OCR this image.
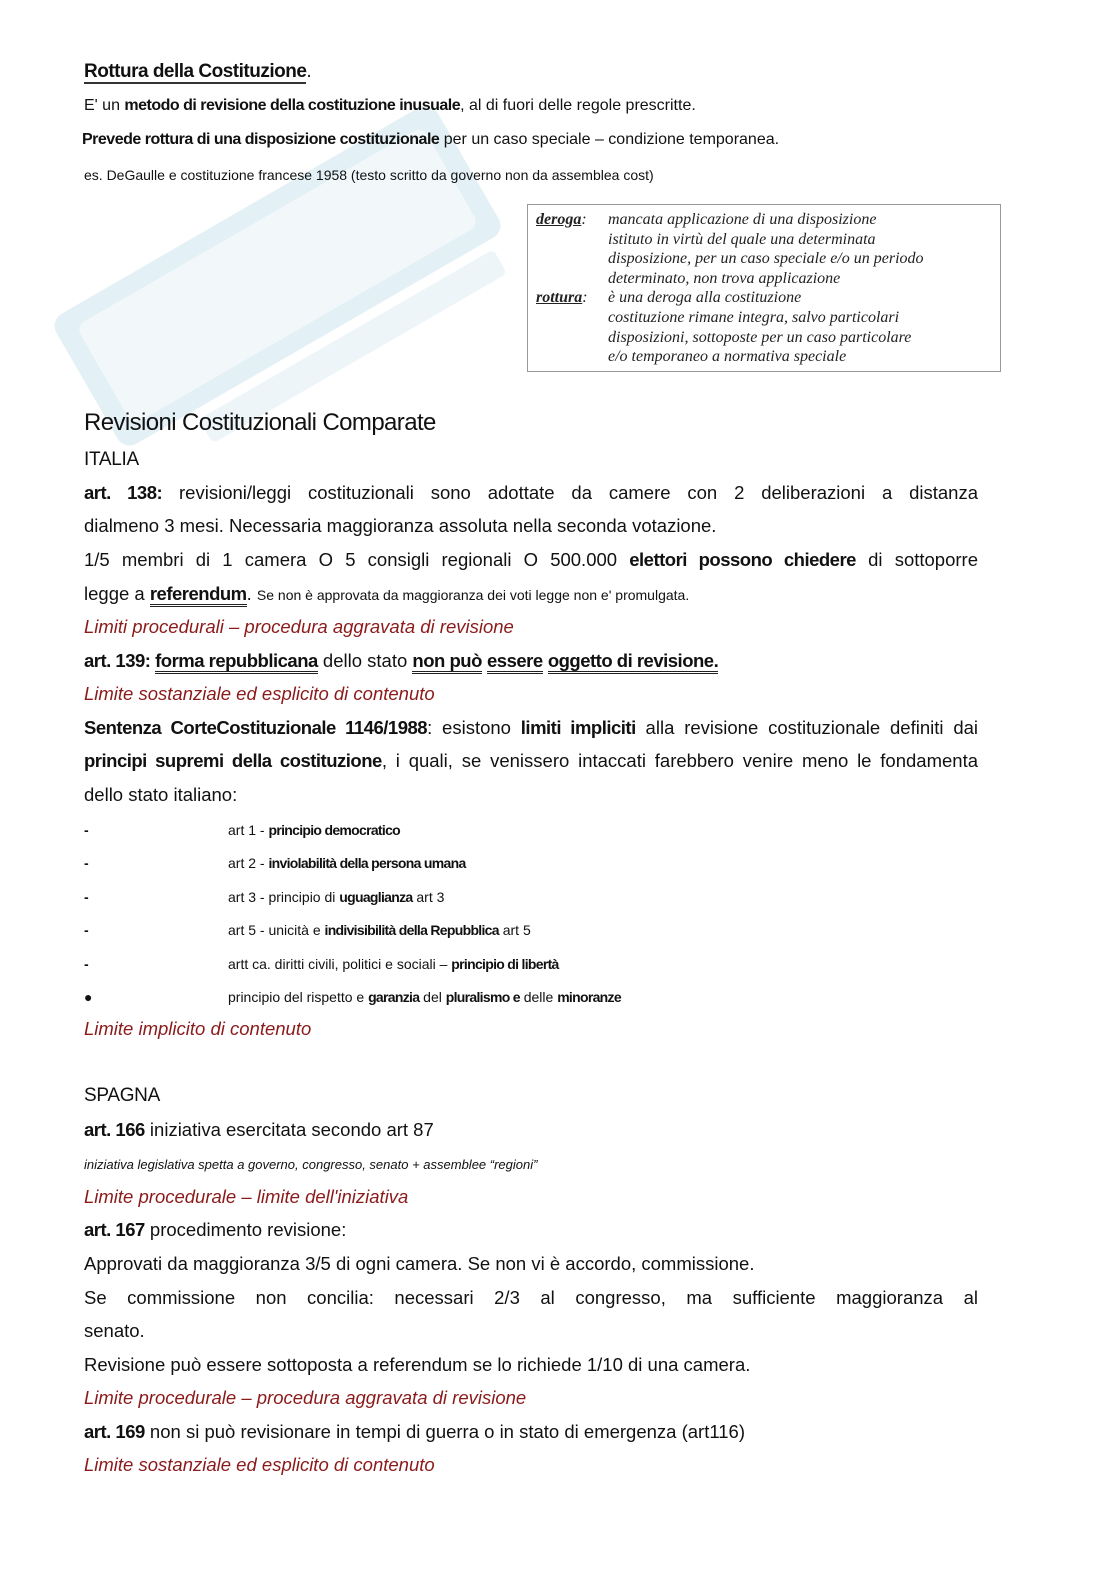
Rottura della Costituzione.

E' un metodo di revisione della costituzione inusuale, al di fuori delle regole prescritte.

Prevede rottura di una disposizione costituzionale per un caso speciale – condizione temporanea.

es. DeGaulle e costituzione francese 1958 (testo scritto da governo non da assemblea cost)

deroga:	mancata applicazione di una disposizione
istituto in virtù del quale una determinata
disposizione, per un caso speciale e/o un periodo
determinato, non trova applicazione
rottura:	è una deroga alla costituzione
costituzione rimane integra, salvo particolari
disposizioni, sottoposte per un caso particolare
e/o temporaneo a normativa speciale
Revisioni Costituzionali Comparate
ITALIA

art. 138: revisioni/leggi costituzionali sono adottate da camere con 2 deliberazioni a distanza

dialmeno 3 mesi. Necessaria maggioranza assoluta nella seconda votazione.

1/5 membri di 1 camera O 5 consigli regionali O 500.000 elettori possono chiedere di sottoporre

legge a referendum. Se non è approvata da maggioranza dei voti legge non e' promulgata.

Limiti procedurali – procedura aggravata di revisione

art. 139: forma repubblicana dello stato non può essere oggetto di revisione.

Limite sostanziale ed esplicito di contenuto

Sentenza CorteCostituzionale 1146/1988: esistono limiti impliciti alla revisione costituzionale definiti dai

principi supremi della costituzione, i quali, se venissero intaccati farebbero venire meno le fondamenta

dello stato italiano:

-	art 1 - principio democratico
-	art 2 - inviolabilità della persona umana
-	art 3 - principio di uguaglianza art 3
-	art 5 - unicità e indivisibilità della Repubblica art 5
-	artt ca. diritti civili, politici e sociali – principio di libertà
●	principio del rispetto e garanzia del pluralismo e delle minoranze

Limite implicito di contenuto

SPAGNA

art. 166 iniziativa esercitata secondo art 87

iniziativa legislativa spetta a governo, congresso, senato + assemblee “regioni”

Limite procedurale – limite dell'iniziativa

art. 167 procedimento revisione:

Approvati da maggioranza 3/5 di ogni camera. Se non vi è accordo, commissione.

Se commissione non concilia: necessari 2/3 al congresso, ma sufficiente maggioranza al

senato.

Revisione può essere sottoposta a referendum se lo richiede 1/10 di una camera.

Limite procedurale – procedura aggravata di revisione

art. 169 non si può revisionare in tempi di guerra o in stato di emergenza (art116)

Limite sostanziale ed esplicito di contenuto
